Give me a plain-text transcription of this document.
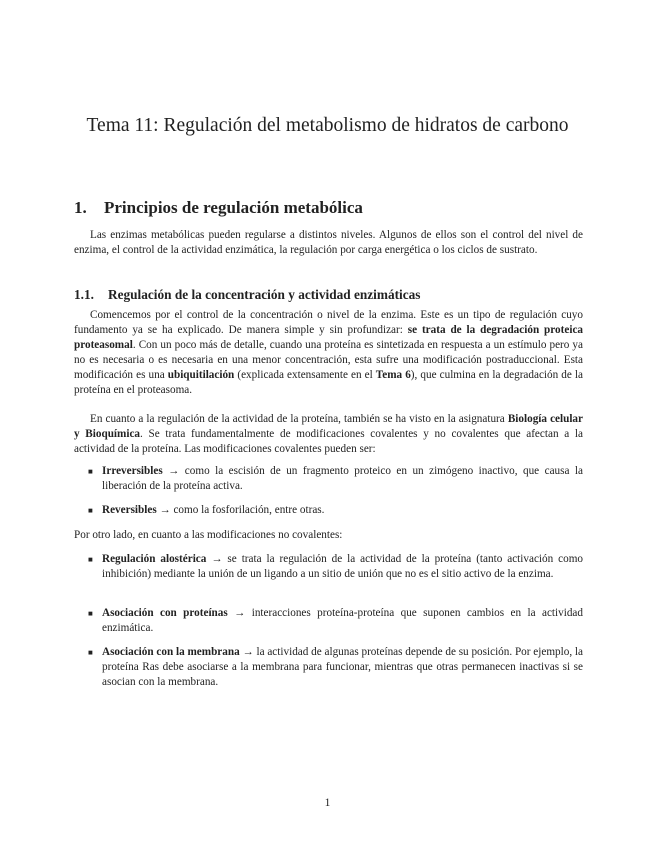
Tema 11: Regulación del metabolismo de hidratos de carbono
1. Principios de regulación metabólica

Las enzimas metabólicas pueden regularse a distintos niveles. Algunos de ellos son el control del nivel de enzima, el control de la actividad enzimática, la regulación por carga energética o los ciclos de sustrato.

1.1. Regulación de la concentración y actividad enzimáticas

Comencemos por el control de la concentración o nivel de la enzima. Este es un tipo de regulación cuyo fundamento ya se ha explicado. De manera simple y sin profundizar: se trata de la degradación proteica proteasomal. Con un poco más de detalle, cuando una proteína es sintetizada en respuesta a un estímulo pero ya no es necesaria o es necesaria en una menor concentración, esta sufre una modificación postraduccional. Esta modificación es una ubiquitilación (explicada extensamente en el Tema 6), que culmina en la degradación de la proteína en el proteasoma.

En cuanto a la regulación de la actividad de la proteína, también se ha visto en la asignatura Biología celular y Bioquímica. Se trata fundamentalmente de modificaciones covalentes y no covalentes que afectan a la actividad de la proteína. Las modificaciones covalentes pueden ser:

■ Irreversibles → como la escisión de un fragmento proteico en un zimógeno inactivo, que causa la liberación de la proteína activa.
■ Reversibles → como la fosforilación, entre otras.

Por otro lado, en cuanto a las modificaciones no covalentes:

■ Regulación alostérica → se trata la regulación de la actividad de la proteína (tanto activación como inhibición) mediante la unión de un ligando a un sitio de unión que no es el sitio activo de la enzima.
■ Asociación con proteínas → interacciones proteína-proteína que suponen cambios en la actividad enzimática.
■ Asociación con la membrana → la actividad de algunas proteínas depende de su posición. Por ejemplo, la proteína Ras debe asociarse a la membrana para funcionar, mientras que otras permanecen inactivas si se asocian con la membrana.
1
